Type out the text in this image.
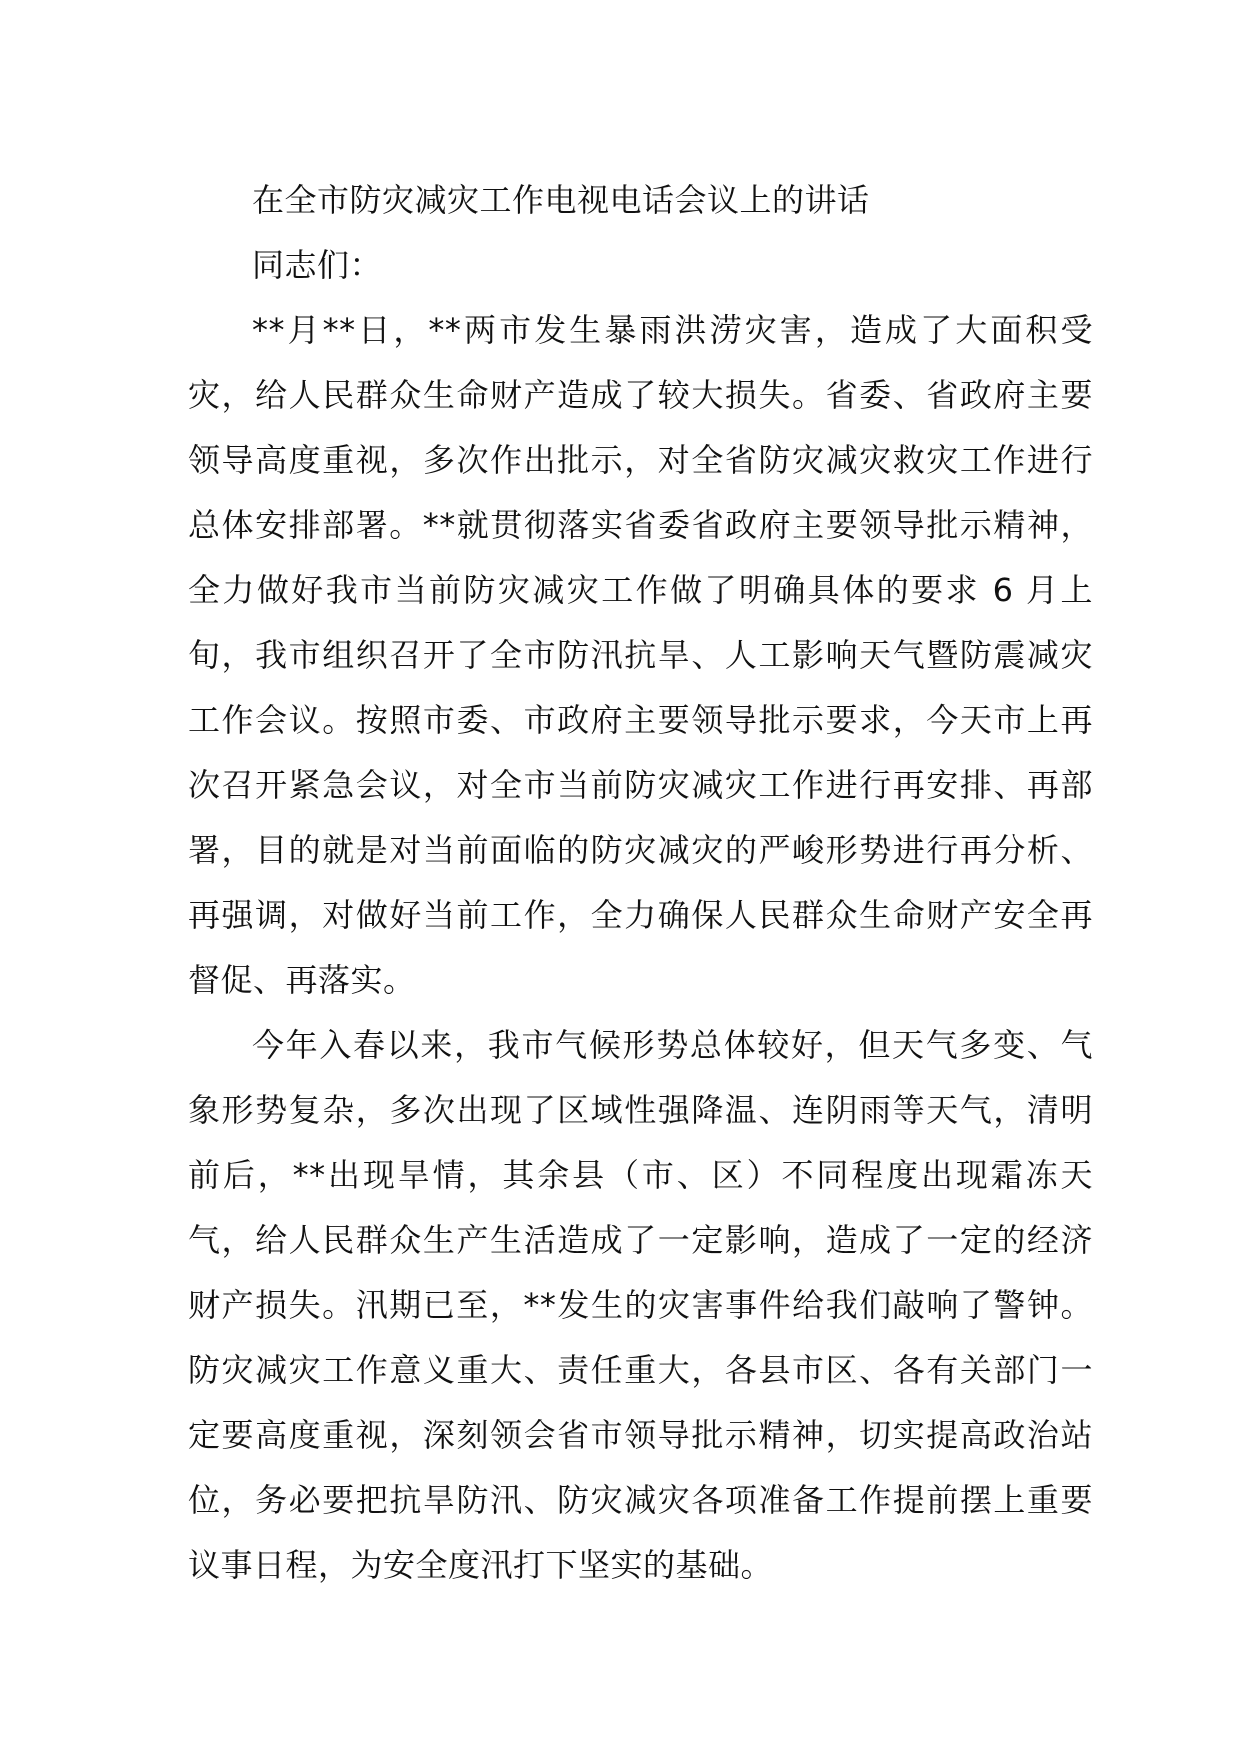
在全市防灾减灾工作电视电话会议上的讲话

同志们：

**月**日，**两市发生暴雨洪涝灾害，造成了大面积受灾，给人民群众生命财产造成了较大损失。省委、省政府主要领导高度重视，多次作出批示，对全省防灾减灾救灾工作进行总体安排部署。**就贯彻落实省委省政府主要领导批示精神，全力做好我市当前防灾减灾工作做了明确具体的要求 6 月上旬，我市组织召开了全市防汛抗旱、人工影响天气暨防震减灾工作会议。按照市委、市政府主要领导批示要求，今天市上再次召开紧急会议，对全市当前防灾减灾工作进行再安排、再部署，目的就是对当前面临的防灾减灾的严峻形势进行再分析、再强调，对做好当前工作，全力确保人民群众生命财产安全再督促、再落实。

今年入春以来，我市气候形势总体较好，但天气多变、气象形势复杂，多次出现了区域性强降温、连阴雨等天气，清明前后，**出现旱情，其余县（市、区）不同程度出现霜冻天气，给人民群众生产生活造成了一定影响，造成了一定的经济财产损失。汛期已至，**发生的灾害事件给我们敲响了警钟。防灾减灾工作意义重大、责任重大，各县市区、各有关部门一定要高度重视，深刻领会省市领导批示精神，切实提高政治站位，务必要把抗旱防汛、防灾减灾各项准备工作提前摆上重要议事日程，为安全度汛打下坚实的基础。
